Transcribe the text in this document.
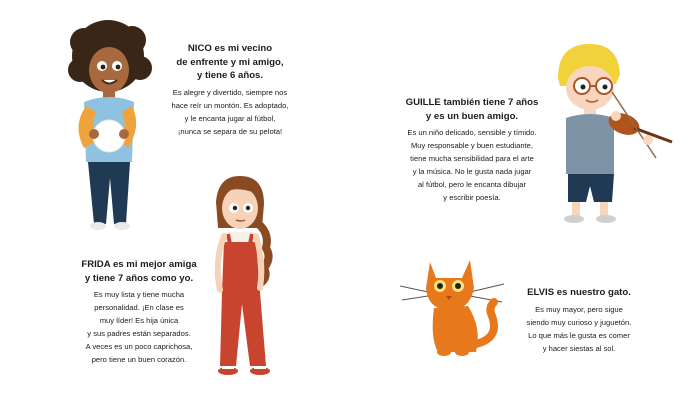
NICO es mi vecino
de enfrente y mi amigo,
y tiene 6 años.

Es alegre y divertido, siempre nos
hace reír un montón. Es adoptado,
y le encanta jugar al fútbol,
¡nunca se separa de su pelota!

FRIDA es mi mejor amiga
y tiene 7 años como yo.

Es muy lista y tiene mucha
personalidad. ¡En clase es
muy líder! Es hija única
y sus padres están separados.
A veces es un poco caprichosa,
pero tiene un buen corazón.

GUILLE también tiene 7 años
y es un buen amigo.

Es un niño delicado, sensible y tímido.
Muy responsable y buen estudiante,
tiene mucha sensibilidad para el arte
y la música. No le gusta nada jugar
al fútbol, pero le encanta dibujar
y escribir poesía.

ELVIS es nuestro gato.

Es muy mayor, pero sigue
siendo muy curioso y juguetón.
Lo que más le gusta es comer
y hacer siestas al sol.
